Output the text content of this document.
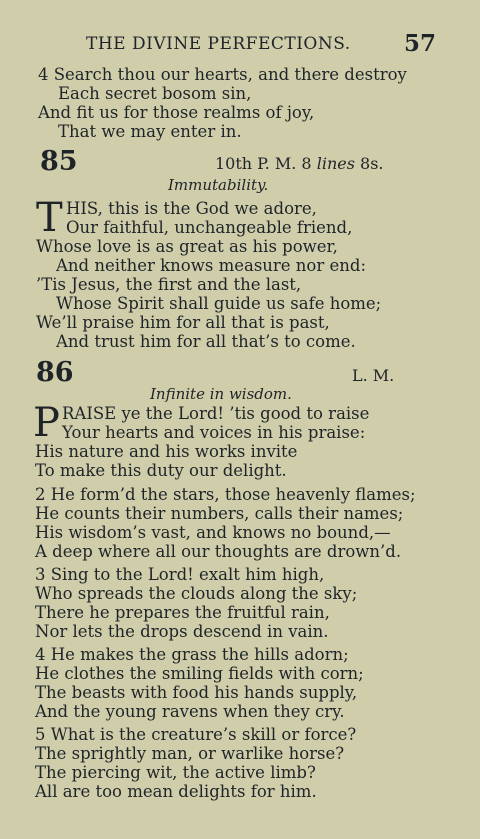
THE DIVINE PERFECTIONS. 57
4 Search thou our hearts, and there destroy
Each secret bosom sin,
And fit us for those realms of joy,
That we may enter in.
85	10th P. M. 8 lines 8s.
Immutability.
T HIS, this is the God we adore,
Our faithful, unchangeable friend,
Whose love is as great as his power,
And neither knows measure nor end:
’Tis Jesus, the first and the last,
Whose Spirit shall guide us safe home;
We’ll praise him for all that is past,
And trust him for all that’s to come.
86	L. M.
Infinite in wisdom.
P RAISE ye the Lord! ’tis good to raise
Your hearts and voices in his praise:
His nature and his works invite
To make this duty our delight.
2 He form’d the stars, those heavenly flames;
He counts their numbers, calls their names;
His wisdom’s vast, and knows no bound,—
A deep where all our thoughts are drown’d.
3 Sing to the Lord! exalt him high,
Who spreads the clouds along the sky;
There he prepares the fruitful rain,
Nor lets the drops descend in vain.
4 He makes the grass the hills adorn;
He clothes the smiling fields with corn;
The beasts with food his hands supply,
And the young ravens when they cry.
5 What is the creature’s skill or force?
The sprightly man, or warlike horse?
The piercing wit, the active limb?
All are too mean delights for him.
